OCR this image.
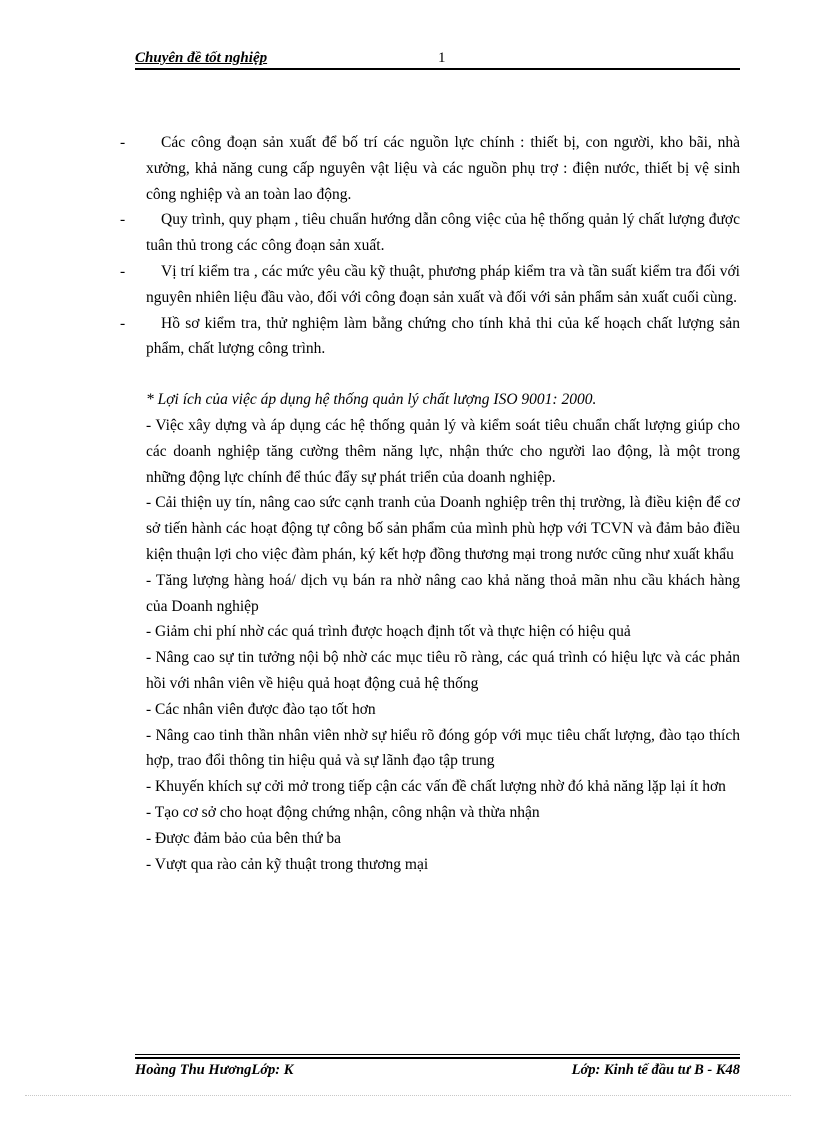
Chuyên đề tốt nghiệp	1
-	Các công đoạn sản xuất để bố trí các nguồn lực chính : thiết bị, con người, kho bãi, nhà xưởng, khả năng cung cấp nguyên vật liệu và các nguồn phụ trợ : điện nước, thiết bị vệ sinh công nghiệp và an toàn lao động.
-	Quy trình, quy phạm , tiêu chuẩn hướng dẫn công việc của hệ thống quản lý chất lượng được tuân thủ trong các công đoạn sản xuất.
-	Vị trí kiểm tra , các mức yêu cầu kỹ thuật, phương pháp kiểm tra và tần suất kiểm tra đối với nguyên nhiên liệu đầu vào, đối với công đoạn sản xuất và đối với sản phẩm sản xuất cuối cùng.
-	Hồ sơ kiểm tra, thử nghiệm làm bằng chứng cho tính khả thi của kế hoạch chất lượng sản phẩm, chất lượng công trình.
* Lợi ích của việc áp dụng hệ thống quản lý chất lượng ISO 9001: 2000.
- Việc xây dựng và áp dụng các hệ thống quản lý và kiểm soát tiêu chuẩn chất lượng giúp cho các doanh nghiệp tăng cường thêm năng lực, nhận thức cho người lao động, là một trong những động lực chính để thúc đẩy sự phát triển của doanh nghiệp.
- Cải thiện uy tín, nâng cao sức cạnh tranh của Doanh nghiệp trên thị trường, là điều kiện để cơ sở tiến hành các hoạt động tự công bố sản phẩm của mình phù hợp với TCVN và đảm bảo điều kiện thuận lợi cho việc đàm phán, ký kết hợp đồng thương mại trong nước cũng như xuất khẩu
- Tăng lượng hàng hoá/ dịch vụ bán ra nhờ nâng cao khả năng thoả mãn nhu cầu khách hàng của Doanh nghiệp
- Giảm chi phí nhờ các quá trình được hoạch định tốt và thực hiện có hiệu quả
- Nâng cao sự tin tưởng nội bộ nhờ các mục tiêu rõ ràng, các quá trình có hiệu lực và các phản hồi với nhân viên về hiệu quả hoạt động cuả hệ thống
- Các nhân viên được đào tạo tốt hơn
- Nâng cao tinh thần nhân viên nhờ sự hiểu rõ đóng góp với mục tiêu chất lượng, đào tạo thích hợp, trao đổi thông tin hiệu quả và sự lãnh đạo tập trung
- Khuyến khích sự cởi mở trong tiếp cận các vấn đề chất lượng nhờ đó khả năng lặp lại ít hơn
- Tạo cơ sở cho hoạt động chứng nhận, công nhận và thừa nhận
- Được đảm bảo của bên thứ ba
- Vượt qua rào cản kỹ thuật trong thương mại
Hoàng Thu HươngLớp: K	Lớp: Kinh tế đầu tư B - K48
